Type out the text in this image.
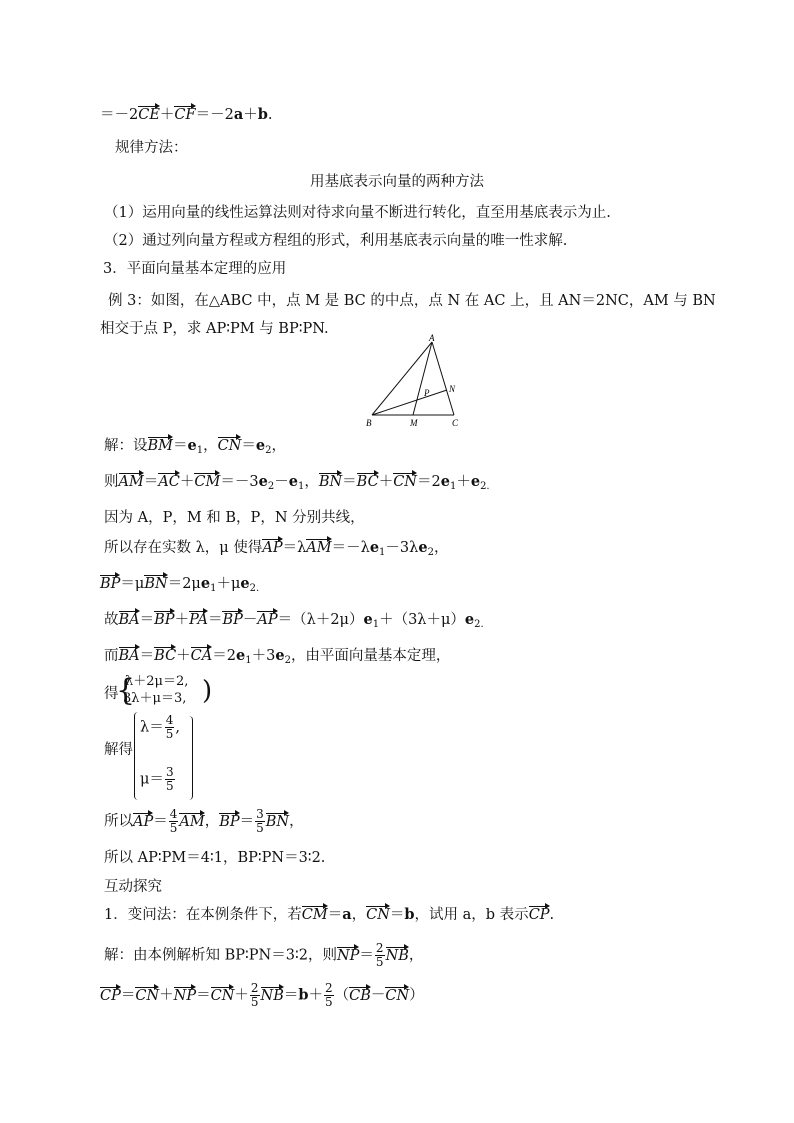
＝－2CE＋CF＝－2a＋b.
规律方法：
用基底表示向量的两种方法
（1）运用向量的线性运算法则对待求向量不断进行转化，直至用基底表示为止.
（2）通过列向量方程或方程组的形式，利用基底表示向量的唯一性求解.
3．平面向量基本定理的应用
例 3：如图，在△ABC 中，点 M 是 BC 的中点，点 N 在 AC 上，且 AN＝2NC，AM 与 BN
相交于点 P，求 AP∶PM 与 BP∶PN.
A
B	C
M
N
P
解：设$BM=e_1$，$CN=e_2$，
则$AM=AC+CM=-3e_2-e_1$，$BN=BC+CN=2e_1+e_{2.}$
因为 A，P，M 和 B，P，N 分别共线，
所以存在实数 λ，μ 使得$AP=\lambda AM=-\lambda e_1-3\lambda e_2$，
$BP=\mu BN=2\mu e_1+\mu e_{2.}$
故$BA=BP+PA=BP-AP=(\lambda+2\mu)e_1+(3\lambda+\mu)e_{2.}$
而$BA=BC+CA=2e_1+3e_2$，由平面向量基本定理，
得
{
λ＋2μ＝2,
3λ＋μ＝3, )
解得
$\lambda= \frac{4}{5}$ ,
$\mu= \frac{3}{5}$
所以$AP= \frac{4}{5}$ AM，$BP= \frac{3}{5}$ BN，
所以 AP∶PM＝4∶1，BP∶PN＝3∶2.
互动探究
1．变问法：在本例条件下，若CM＝a，CN＝b，试用 a，b 表示CP.
解：由本例解析知 BP∶PN＝3∶2，则$NP= \frac{2}{5}$ NB，
$CP=CN+NP=CN+ \frac{2}{5} NB=b+ \frac{2}{5} (CB-CN)$
